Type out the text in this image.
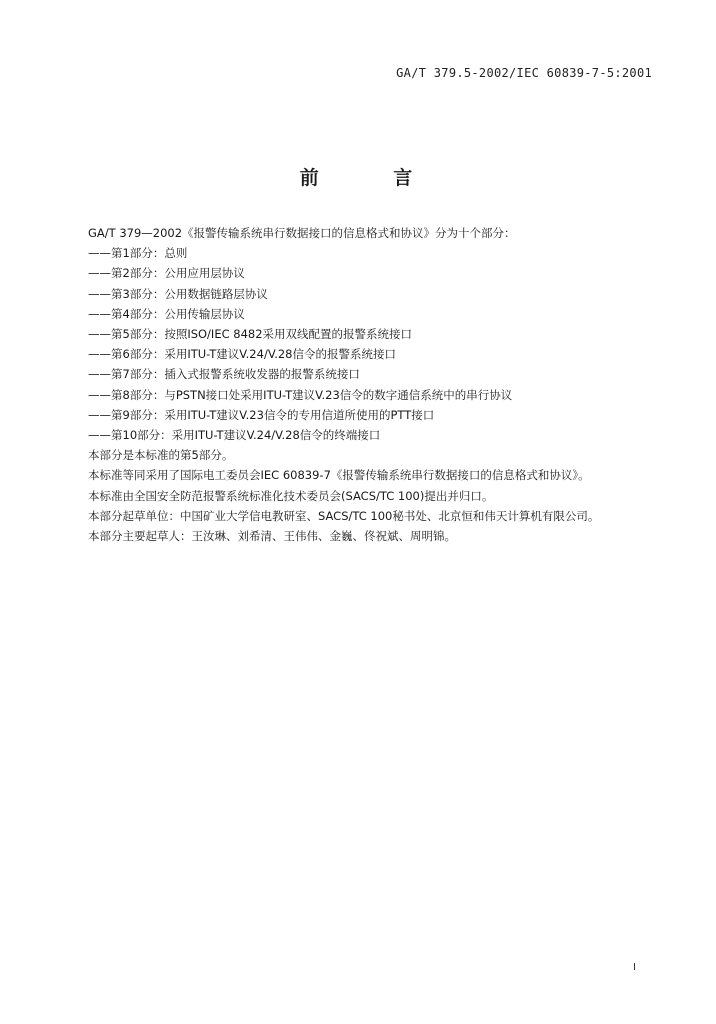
GA/T 379.5-2002/IEC 60839-7-5:2001
前 言

GA/T 379—2002《报警传输系统串行数据接口的信息格式和协议》分为十个部分：

——第1部分：总则

——第2部分：公用应用层协议

——第3部分：公用数据链路层协议

——第4部分：公用传输层协议

——第5部分：按照ISO/IEC 8482采用双线配置的报警系统接口

——第6部分：采用ITU-T建议V.24/V.28信令的报警系统接口

——第7部分：插入式报警系统收发器的报警系统接口

——第8部分：与PSTN接口处采用ITU-T建议V.23信令的数字通信系统中的串行协议

——第9部分：采用ITU-T建议V.23信令的专用信道所使用的PTT接口

——第10部分：采用ITU-T建议V.24/V.28信令的终端接口

本部分是本标准的第5部分。

本标准等同采用了国际电工委员会IEC 60839-7《报警传输系统串行数据接口的信息格式和协议》。

本标准由全国安全防范报警系统标准化技术委员会(SACS/TC 100)提出并归口。

本部分起草单位：中国矿业大学信电教研室、SACS/TC 100秘书处、北京恒和伟天计算机有限公司。

本部分主要起草人：王汝琳、刘希清、王伟伟、金巍、佟祝斌、周明锦。

I
